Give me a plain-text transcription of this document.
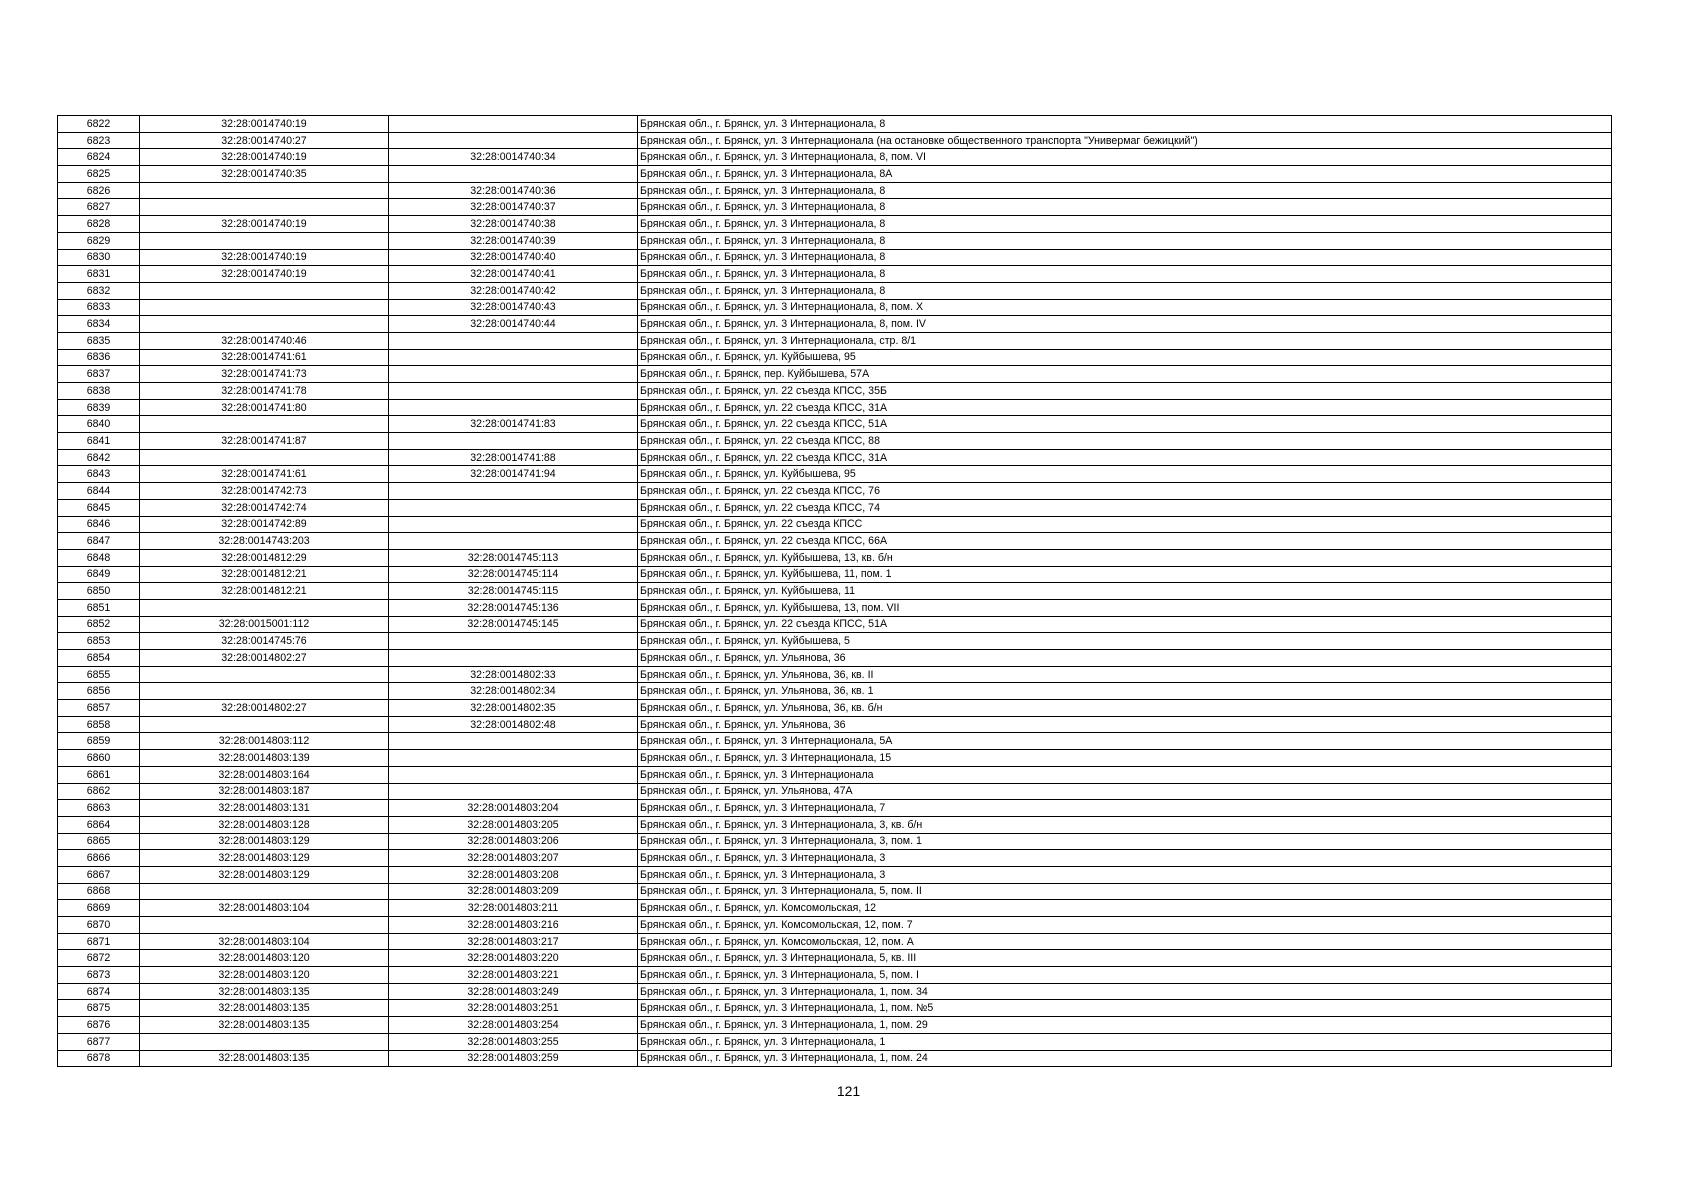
6822	32:28:0014740:19		Брянская обл., г. Брянск, ул. 3 Интернационала, 8
6823	32:28:0014740:27		Брянская обл., г. Брянск, ул. 3 Интернационала (на остановке общественного транспорта "Универмаг бежицкий")
6824	32:28:0014740:19	32:28:0014740:34	Брянская обл., г. Брянск, ул. 3 Интернационала, 8, пом. VI
6825	32:28:0014740:35		Брянская обл., г. Брянск, ул. 3 Интернационала, 8А
6826		32:28:0014740:36	Брянская обл., г. Брянск, ул. 3 Интернационала, 8
6827		32:28:0014740:37	Брянская обл., г. Брянск, ул. 3 Интернационала, 8
6828	32:28:0014740:19	32:28:0014740:38	Брянская обл., г. Брянск, ул. 3 Интернационала, 8
6829		32:28:0014740:39	Брянская обл., г. Брянск, ул. 3 Интернационала, 8
6830	32:28:0014740:19	32:28:0014740:40	Брянская обл., г. Брянск, ул. 3 Интернационала, 8
6831	32:28:0014740:19	32:28:0014740:41	Брянская обл., г. Брянск, ул. 3 Интернационала, 8
6832		32:28:0014740:42	Брянская обл., г. Брянск, ул. 3 Интернационала, 8
6833		32:28:0014740:43	Брянская обл., г. Брянск, ул. 3 Интернационала, 8, пом. X
6834		32:28:0014740:44	Брянская обл., г. Брянск, ул. 3 Интернационала, 8, пом. IV
6835	32:28:0014740:46		Брянская обл., г. Брянск, ул. 3 Интернационала, стр. 8/1
6836	32:28:0014741:61		Брянская обл., г. Брянск, ул. Куйбышева, 95
6837	32:28:0014741:73		Брянская обл., г. Брянск, пер. Куйбышева, 57А
6838	32:28:0014741:78		Брянская обл., г. Брянск, ул. 22 съезда КПСС, 35Б
6839	32:28:0014741:80		Брянская обл., г. Брянск, ул. 22 съезда КПСС, 31А
6840		32:28:0014741:83	Брянская обл., г. Брянск, ул. 22 съезда КПСС, 51А
6841	32:28:0014741:87		Брянская обл., г. Брянск, ул. 22 съезда КПСС, 88
6842		32:28:0014741:88	Брянская обл., г. Брянск, ул. 22 съезда КПСС, 31А
6843	32:28:0014741:61	32:28:0014741:94	Брянская обл., г. Брянск, ул. Куйбышева, 95
6844	32:28:0014742:73		Брянская обл., г. Брянск, ул. 22 съезда КПСС, 76
6845	32:28:0014742:74		Брянская обл., г. Брянск, ул. 22 съезда КПСС, 74
6846	32:28:0014742:89		Брянская обл., г. Брянск, ул. 22 съезда КПСС
6847	32:28:0014743:203		Брянская обл., г. Брянск, ул. 22 съезда КПСС, 66А
6848	32:28:0014812:29	32:28:0014745:113	Брянская обл., г. Брянск, ул. Куйбышева, 13, кв. б/н
6849	32:28:0014812:21	32:28:0014745:114	Брянская обл., г. Брянск, ул. Куйбышева, 11, пом. 1
6850	32:28:0014812:21	32:28:0014745:115	Брянская обл., г. Брянск, ул. Куйбышева, 11
6851		32:28:0014745:136	Брянская обл., г. Брянск, ул. Куйбышева, 13, пом. VII
6852	32:28:0015001:112	32:28:0014745:145	Брянская обл., г. Брянск, ул. 22 съезда КПСС, 51А
6853	32:28:0014745:76		Брянская обл., г. Брянск, ул. Куйбышева, 5
6854	32:28:0014802:27		Брянская обл., г. Брянск, ул. Ульянова, 36
6855		32:28:0014802:33	Брянская обл., г. Брянск, ул. Ульянова, 36, кв. II
6856		32:28:0014802:34	Брянская обл., г. Брянск, ул. Ульянова, 36, кв. 1
6857	32:28:0014802:27	32:28:0014802:35	Брянская обл., г. Брянск, ул. Ульянова, 36, кв. б/н
6858		32:28:0014802:48	Брянская обл., г. Брянск, ул. Ульянова, 36
6859	32:28:0014803:112		Брянская обл., г. Брянск, ул. 3 Интернационала, 5А
6860	32:28:0014803:139		Брянская обл., г. Брянск, ул. 3 Интернационала, 15
6861	32:28:0014803:164		Брянская обл., г. Брянск, ул. 3 Интернационала
6862	32:28:0014803:187		Брянская обл., г. Брянск, ул. Ульянова, 47А
6863	32:28:0014803:131	32:28:0014803:204	Брянская обл., г. Брянск, ул. 3 Интернационала, 7
6864	32:28:0014803:128	32:28:0014803:205	Брянская обл., г. Брянск, ул. 3 Интернационала, 3, кв. б/н
6865	32:28:0014803:129	32:28:0014803:206	Брянская обл., г. Брянск, ул. 3 Интернационала, 3, пом. 1
6866	32:28:0014803:129	32:28:0014803:207	Брянская обл., г. Брянск, ул. 3 Интернационала, 3
6867	32:28:0014803:129	32:28:0014803:208	Брянская обл., г. Брянск, ул. 3 Интернационала, 3
6868		32:28:0014803:209	Брянская обл., г. Брянск, ул. 3 Интернационала, 5, пом. II
6869	32:28:0014803:104	32:28:0014803:211	Брянская обл., г. Брянск, ул. Комсомольская, 12
6870		32:28:0014803:216	Брянская обл., г. Брянск, ул. Комсомольская, 12, пом. 7
6871	32:28:0014803:104	32:28:0014803:217	Брянская обл., г. Брянск, ул. Комсомольская, 12, пом. А
6872	32:28:0014803:120	32:28:0014803:220	Брянская обл., г. Брянск, ул. 3 Интернационала, 5, кв. III
6873	32:28:0014803:120	32:28:0014803:221	Брянская обл., г. Брянск, ул. 3 Интернационала, 5, пом. I
6874	32:28:0014803:135	32:28:0014803:249	Брянская обл., г. Брянск, ул. 3 Интернационала, 1, пом. 34
6875	32:28:0014803:135	32:28:0014803:251	Брянская обл., г. Брянск, ул. 3 Интернационала, 1, пом. №5
6876	32:28:0014803:135	32:28:0014803:254	Брянская обл., г. Брянск, ул. 3 Интернационала, 1, пом. 29
6877		32:28:0014803:255	Брянская обл., г. Брянск, ул. 3 Интернационала, 1
6878	32:28:0014803:135	32:28:0014803:259	Брянская обл., г. Брянск, ул. 3 Интернационала, 1, пом. 24
121
